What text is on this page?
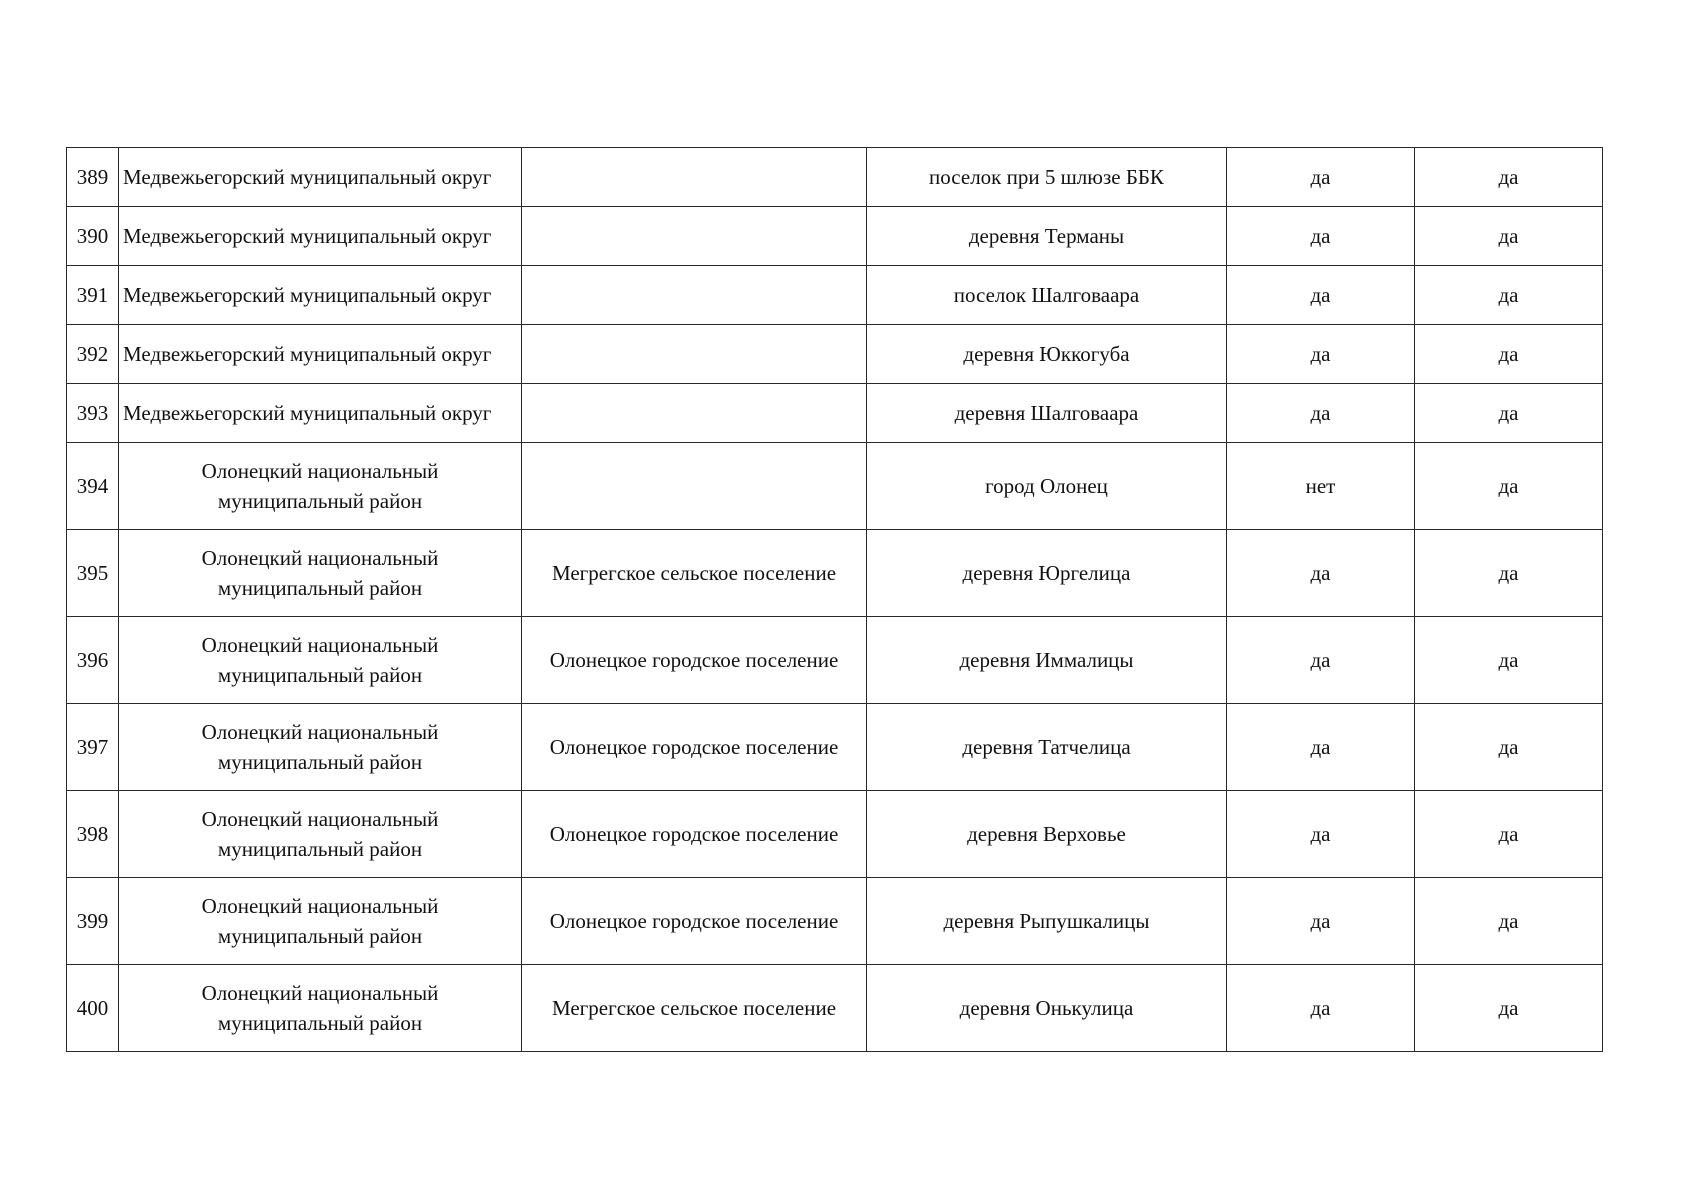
389	Медвежьегорский муниципальный округ		поселок при 5 шлюзе ББК	да	да
390	Медвежьегорский муниципальный округ		деревня Терманы	да	да
391	Медвежьегорский муниципальный округ		поселок Шалговаара	да	да
392	Медвежьегорский муниципальный округ		деревня Юккогуба	да	да
393	Медвежьегорский муниципальный округ		деревня Шалговаара	да	да
394	Олонецкий национальный
муниципальный район		город Олонец	нет	да
395	Олонецкий национальный
муниципальный район	Мегрегское сельское поселение	деревня Юргелица	да	да
396	Олонецкий национальный
муниципальный район	Олонецкое городское поселение	деревня Иммалицы	да	да
397	Олонецкий национальный
муниципальный район	Олонецкое городское поселение	деревня Татчелица	да	да
398	Олонецкий национальный
муниципальный район	Олонецкое городское поселение	деревня Верховье	да	да
399	Олонецкий национальный
муниципальный район	Олонецкое городское поселение	деревня Рыпушкалицы	да	да
400	Олонецкий национальный
муниципальный район	Мегрегское сельское поселение	деревня Онькулица	да	да
